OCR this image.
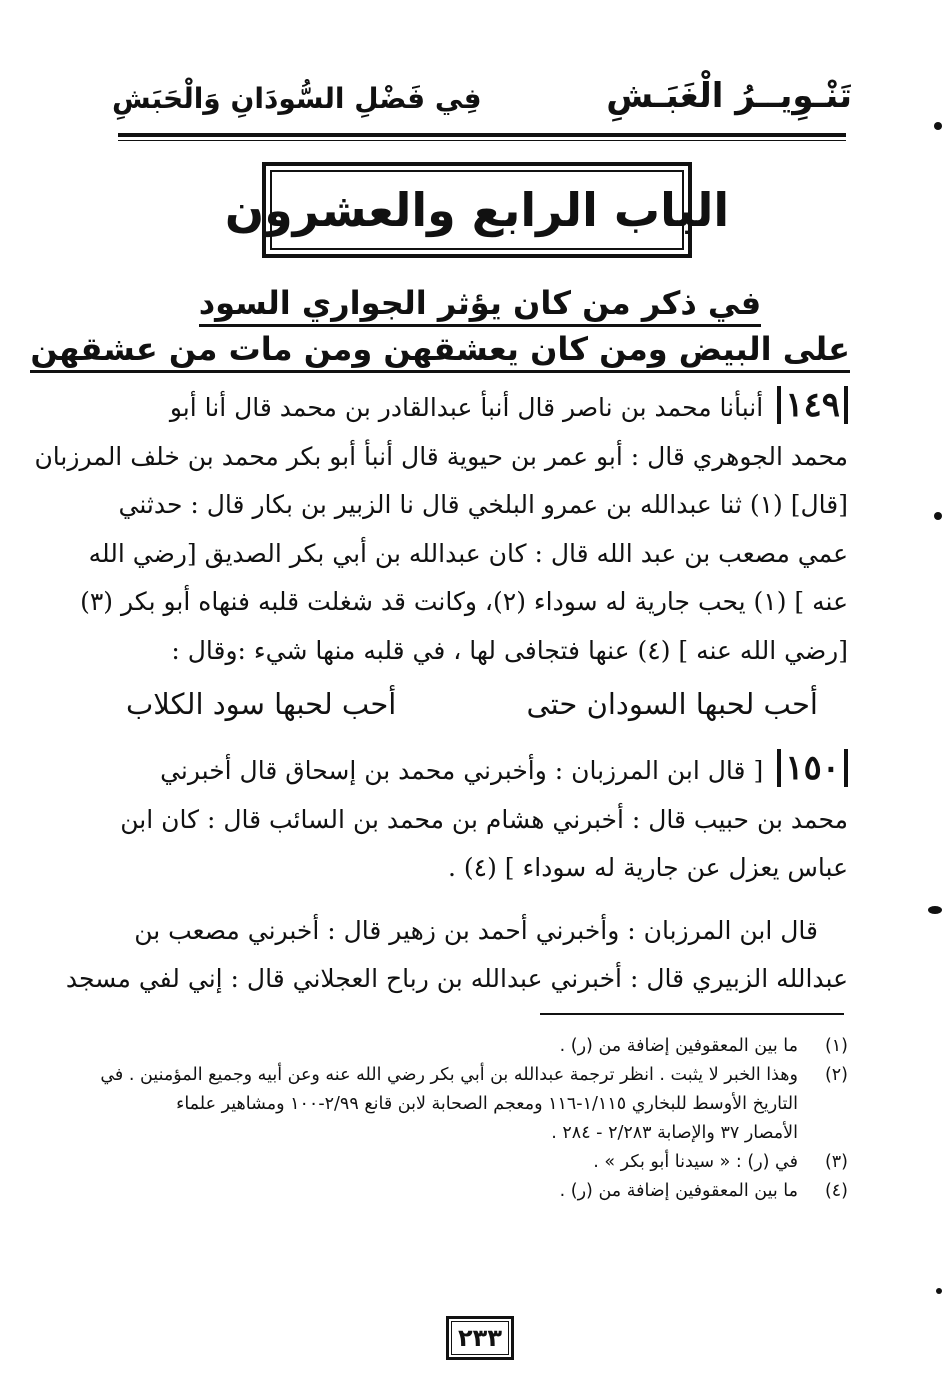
تَنْـوِيــرُ الْغَبَـشِ
فِي فَضْلِ السُّودَانِ وَالْحَبَشِ
الباب الرابع والعشرون
في ذكر من كان يؤثر الجواري السود
على البيض ومن كان يعشقهن ومن مات من عشقهن
١٤٩أنبأنا محمد بن ناصر قال أنبأ عبدالقادر بن محمد قال أنا أبو
محمد الجوهري قال : أبو عمر بن حيوية قال أنبأ أبو بكر محمد بن خلف المرزبان
[قال] (١) ثنا عبدالله بن عمرو البلخي قال نا الزبير بن بكار قال : حدثني
عمي مصعب بن عبد الله قال : كان عبدالله بن أبي بكر الصديق [رضي الله
عنه ] (١) يحب جارية له سوداء (٢)، وكانت قد شغلت قلبه فنهاه أبو بكر (٣)
[رضي الله عنه ] (٤) عنها فتجافى لها ، في قلبه منها شيء :وقال :
أحب لحبها السودان حتى
أحب لحبها سود الكلاب
١٥٠[ قال ابن المرزبان : وأخبرني محمد بن إسحاق قال أخبرني
محمد بن حبيب قال : أخبرني هشام بن محمد بن السائب قال : كان ابن
عباس يعزل عن جارية له سوداء ] (٤) .
قال ابن المرزبان : وأخبرني أحمد بن زهير قال : أخبرني مصعب بن
عبدالله الزبيري قال : أخبرني عبدالله بن رباح العجلاني قال : إني لفي مسجد
(١)
ما بين المعقوفين إضافة من (ر) .
(٢)
وهذا الخبر لا يثبت . انظر ترجمة عبدالله بن أبي بكر رضي الله عنه وعن أبيه وجميع المؤمنين . في
التاريخ الأوسط للبخاري ١/١١٥-١١٦ ومعجم الصحابة لابن قانع ٢/٩٩-١٠٠ ومشاهير علماء
الأمصار ٣٧ والإصابة ٢/٢٨٣ - ٢٨٤ .
(٣)
في (ر) : « سيدنا أبو بكر » .
(٤)
ما بين المعقوفين إضافة من (ر) .
٢٣٣
